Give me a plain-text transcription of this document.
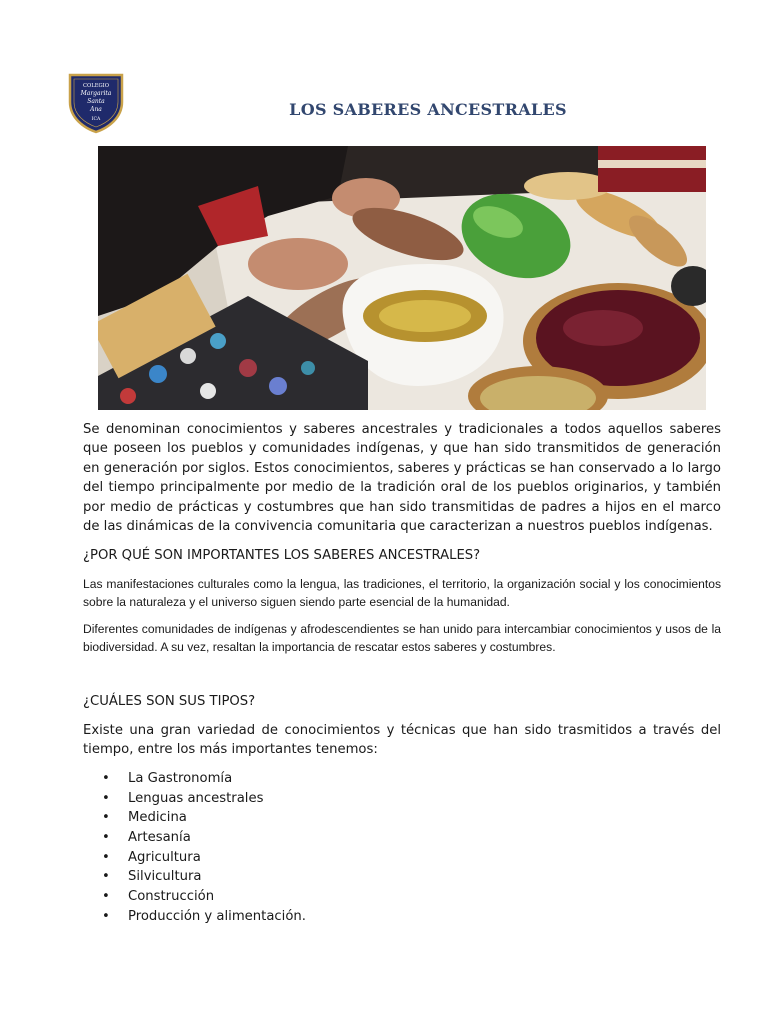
COLEGIO
Margarita
Santa
Ana
ICA
LOS SABERES ANCESTRALES

Se denominan conocimientos y saberes ancestrales y tradicionales a todos aquellos saberes que poseen los pueblos y comunidades indígenas, y que han sido transmitidos de generación en generación por siglos. Estos conocimientos, saberes y prácticas se han conservado a lo largo del tiempo principalmente por medio de la tradición oral de los pueblos originarios, y también por medio de prácticas y costumbres que han sido transmitidas de padres a hijos en el marco de las dinámicas de la convivencia comunitaria que caracterizan a nuestros pueblos indígenas.

¿POR QUÉ SON IMPORTANTES LOS SABERES ANCESTRALES?

Las manifestaciones culturales como la lengua, las tradiciones, el territorio, la organización social y los conocimientos sobre la naturaleza y el universo siguen siendo parte esencial de la humanidad.

Diferentes comunidades de indígenas y afrodescendientes se han unido para intercambiar conocimientos y usos de la biodiversidad. A su vez, resaltan la importancia de rescatar estos saberes y costumbres.

¿CUÁLES SON SUS TIPOS?

Existe una gran variedad de conocimientos y técnicas que han sido trasmitidos a través del tiempo, entre los más importantes tenemos:

• La Gastronomía
• Lenguas ancestrales
• Medicina
• Artesanía
• Agricultura
• Silvicultura
• Construcción
• Producción y alimentación.
